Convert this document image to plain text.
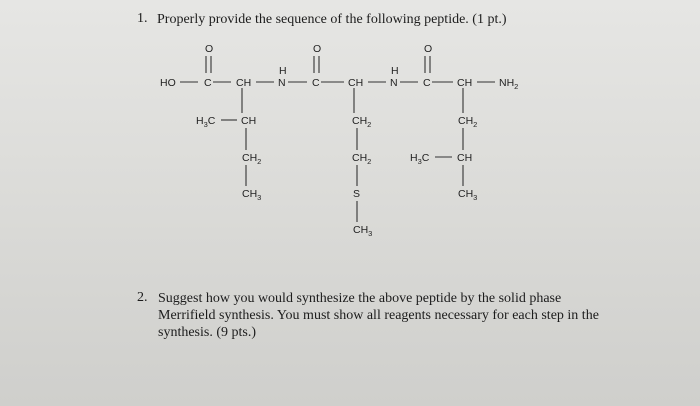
1. Properly provide the sequence of the following peptide. (1 pt.)
HO	C CH	N
H
C	CH	N
H
C	CH	$NH_2$
O	O	O
$H_3C$ CH
$CH_2$
$CH_3$
$CH_2$
$CH_2$
S
$CH_3$
$CH_2$
$H_3C$	CH
$CH_3$
2. Suggest how you would synthesize the above peptide by the solid phase Merrifield synthesis. You must show all reagents necessary for each step in the synthesis. (9 pts.)
